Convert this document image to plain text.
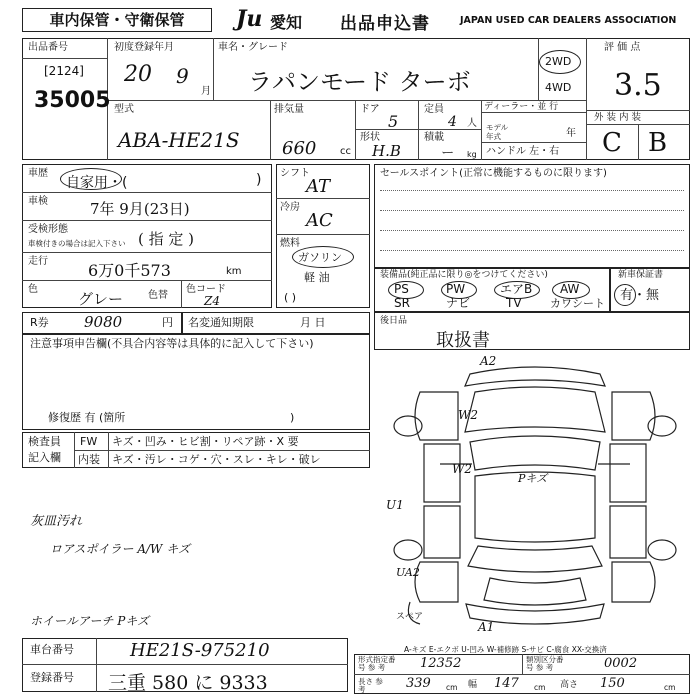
車内保管・守衛保管	Ju 愛知 出品申込書	JAPAN USED CAR DEALERS ASSOCIATION
出品番号
[2124]
35005
初度登録年月
20 9
月
車名・グレード
ラパンモード ターボ
2WD
4WD
評 価 点
3.5
外 装 内 装
C B
型式
ABA-HE21S
排気量
660 cc
ドア
5
形状
H.B
定員
4 人
積載
ー kg
ディーラー・並 行
モデル 年式	年
ハンドル 左・右
車歴
自家用・(	)
車検	7年 9月(23日)
受検形態
車検付きの場合は記入下さい ( 指 定 )
走行	6万0千573	km
色
グレー 色替
色コード
Z4
シフト
AT
冷房
AC
燃料
ガソリン
軽 油
( )
セールスポイント(正常に機能するものに限ります)
装備品(純正品に限り◎をつけてください)
PS	PW	エアB AW
SR	ナビ	TV	カワシート
新車保証書
有・無
R券 9080	円 名変通知期限	月 日	後日品
取扱書
注意事項申告欄(不具合内容等は具体的に記入して下さい)
修復歴 有 (箇所	)
検査員
記入欄
FW キズ・凹み・ヒビ割・リペア跡・X 要
内装 キズ・汚レ・コゲ・穴・スレ・キレ・破レ
灰皿汚れ
ロアスポイラー A/W キズ
ホイールアーチ Pキズ
A2
W2
W2
U1
Pキズ
UA2
A1
スペア
A-キズ E-エクボ U-凹み W-補修跡 S-サビ C-腐食 XX-交換済
車台番号	HE21S-975210
登録番号 三重 580 に 9333
形式指定番号 参 考	12352	類別区分番号 参 考	0002
長さ 参考	339 cm 幅 147 cm 高さ 150	cm
